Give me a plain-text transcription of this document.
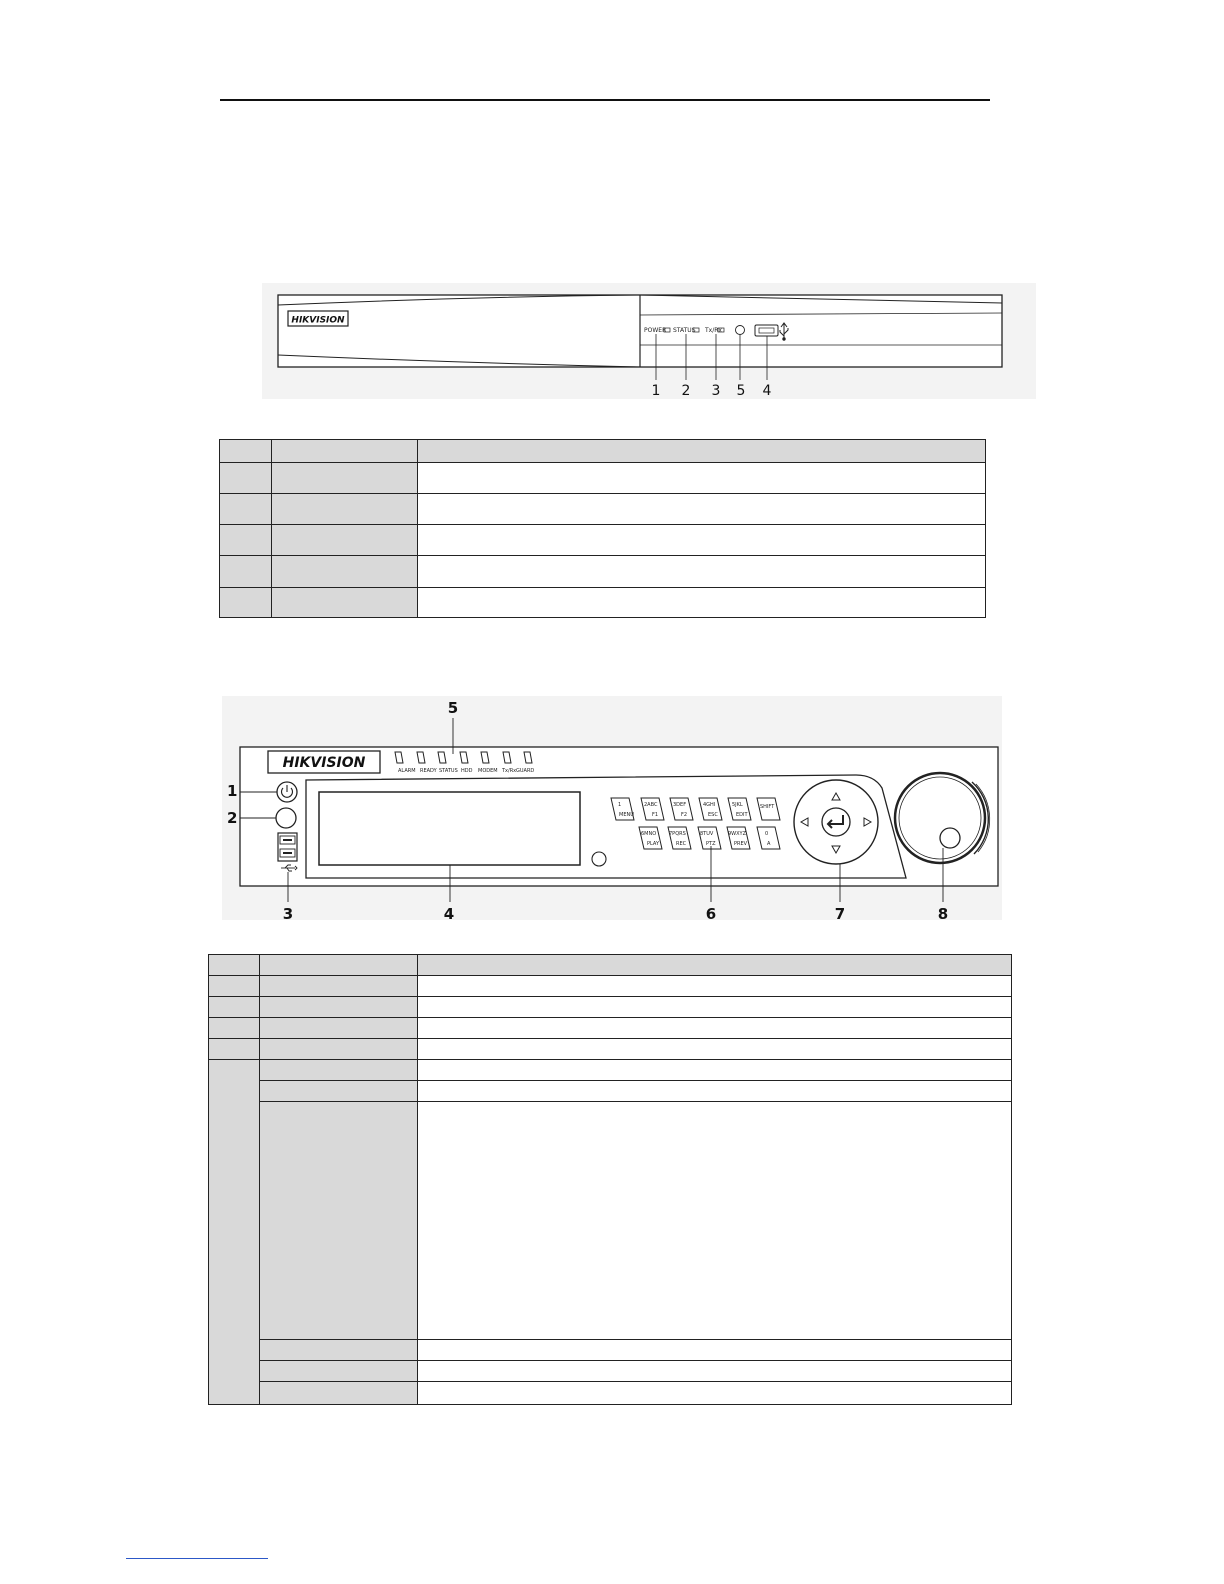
HIKVISION
POWER STATUS Tx/Rx
1 2 3 5 4

HIKVISION	ALARM READY STATUS HDD MODEM Tx/Rx GUARD
1
MENU
2ABC
F1
3DEF
F2
4GHI
ESC
5JKL
EDIT
SHIFT
6MNO
PLAY
7PQRS
REC
8TUV
PTZ
9WXYZ
PREV
0
A
1
2
3	4
5
6	7	8
